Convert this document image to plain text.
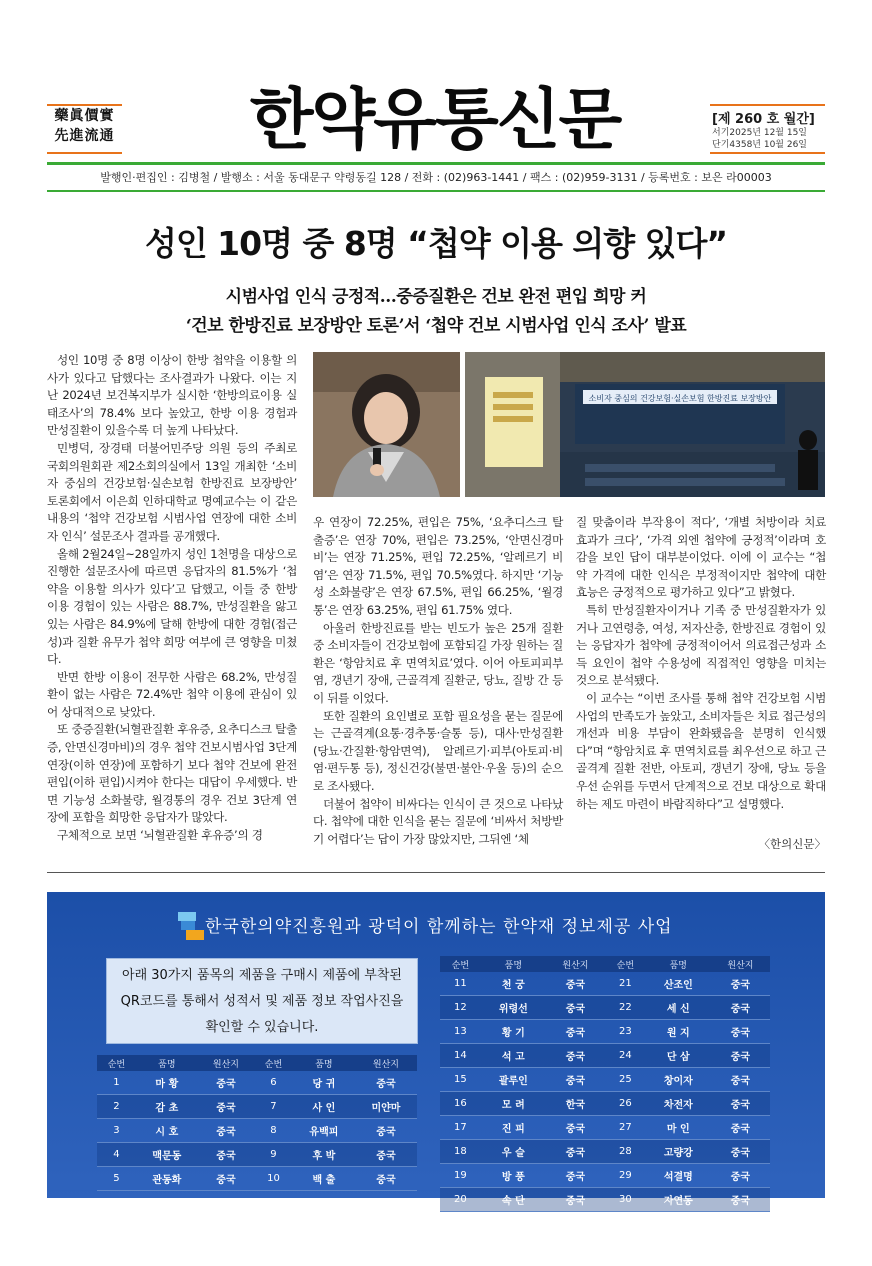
藥眞價實
先進流通	한약유통신문	[제 260 호 월간]
서기2025년 12월 15일
단기4358년 10월 26일
발행인·편집인 : 김병철 / 발행소 : 서울 동대문구 약령동길 128 / 전화 : (02)963-1441 / 팩스 : (02)959-3131 / 등록번호 : 보은 라00003
성인 10명 중 8명 “첩약 이용 의향 있다”
시범사업 인식 긍정적…중증질환은 건보 완전 편입 희망 커
‘건보 한방진료 보장방안 토론’서 ‘첩약 건보 시범사업 인식 조사’ 발표

성인 10명 중 8명 이상이 한방 첩약을 이용할 의사가 있다고 답했다는 조사결과가 나왔다. 이는 지난 2024년 보건복지부가 실시한 ‘한방의료이용 실태조사’의 78.4% 보다 높았고, 한방 이용 경험과 만성질환이 있을수록 더 높게 나타났다.

민병덕, 장경태 더불어민주당 의원 등의 주최로 국회의원회관 제2소회의실에서 13일 개최한 ‘소비자 중심의 건강보험·실손보험 한방진료 보장방안’ 토론회에서 이은희 인하대학교 명예교수는 이 같은 내용의 ‘첩약 건강보험 시범사업 연장에 대한 소비자 인식’ 설문조사 결과를 공개했다.

올해 2월24일~28일까지 성인 1천명을 대상으로 진행한 설문조사에 따르면 응답자의 81.5%가 ‘첩약을 이용할 의사가 있다’고 답했고, 이들 중 한방 이용 경험이 있는 사람은 88.7%, 만성질환을 앓고 있는 사람은 84.9%에 달해 한방에 대한 경험(접근성)과 질환 유무가 첩약 희망 여부에 큰 영향을 미쳤다.

반면 한방 이용이 전무한 사람은 68.2%, 만성질환이 없는 사람은 72.4%만 첩약 이용에 관심이 있어 상대적으로 낮았다.

또 중증질환(뇌혈관질환 후유증, 요추디스크 탈출증, 안면신경마비)의 경우 첩약 건보시범사업 3단계 연장(이하 연장)에 포함하기 보다 첩약 건보에 완전 편입(이하 편입)시켜야 한다는 대답이 우세했다. 반면 기능성 소화불량, 월경통의 경우 건보 3단계 연장에 포함을 희망한 응답자가 많았다.

구체적으로 보면 ‘뇌혈관질환 후유증’의 경

소비자 중심의 건강보험·실손보험 한방진료 보장방안

우 연장이 72.25%, 편입은 75%, ‘요추디스크 탈출증’은 연장 70%, 편입은 73.25%, ‘안면신경마비’는 연장 71.25%, 편입 72.25%, ‘알레르기 비염’은 연장 71.5%, 편입 70.5%였다. 하지만 ‘기능성 소화불량’은 연장 67.5%, 편입 66.25%, ‘월경통’은 연장 63.25%, 편입 61.75% 였다.

아울러 한방진료를 받는 빈도가 높은 25개 질환 중 소비자들이 건강보험에 포함되길 가장 원하는 질환은 ‘항암치료 후 면역치료’였다. 이어 아토피피부염, 갱년기 장애, 근골격계 질환군, 당뇨, 질방 간 등이 뒤를 이었다.

또한 질환의 요인별로 포함 필요성을 묻는 질문에는 근골격계(요통·경추통·슬통 등), 대사·만성질환(당뇨·간질환·항암면역), 알레르기·피부(아토피·비염·편두통 등), 정신건강(불면·불안·우울 등)의 순으로 조사됐다.

더불어 첩약이 비싸다는 인식이 큰 것으로 나타났다. 첩약에 대한 인식을 묻는 질문에 ‘비싸서 처방받기 어렵다’는 답이 가장 많았지만, 그뒤엔 ‘체

질 맞춤이라 부작용이 적다’, ‘개별 처방이라 치료 효과가 크다’, ‘가격 외엔 첩약에 긍정적’이라며 호감을 보인 답이 대부분이었다. 이에 이 교수는 “첩약 가격에 대한 인식은 부정적이지만 첩약에 대한 효능은 긍정적으로 평가하고 있다”고 밝혔다.

특히 만성질환자이거나 기족 중 만성질환자가 있거나 고연령층, 여성, 저자산층, 한방진료 경험이 있는 응답자가 첩약에 긍정적이어서 의료접근성과 소득 요인이 첩약 수용성에 직접적인 영향을 미치는 것으로 분석됐다.

이 교수는 “이번 조사를 통해 첩약 건강보험 시범사업의 만족도가 높았고, 소비자들은 치료 접근성의 개선과 비용 부담이 완화됐음을 분명히 인식했다”며 “항암치료 후 면역치료를 최우선으로 하고 근골격계 질환 전반, 아토피, 갱년기 장애, 당뇨 등을 우선 순위를 두면서 단계적으로 건보 대상으로 확대하는 제도 마련이 바람직하다”고 설명했다.

〈한의신문〉
한국한의약진흥원과 광덕이 함께하는 한약재 정보제공 사업
아래 30가지 품목의 제품을 구매시 제품에 부착된
QR코드를 통해서 성적서 및 제품 정보 작업사진을
확인할 수 있습니다.
순번	품명	원산지	순번	품명	원산지
1	마 황	중국	6	당 귀	중국
2	감 초	중국	7	사 인	미얀마
3	시 호	중국	8	유백피	중국
4	맥문동	중국	9	후 박	중국
5	관동화	중국	10	백 출	중국
순번	품명	원산지	순번	품명	원산지
11	천 궁	중국	21	산조인	중국
12	위령선	중국	22	세 신	중국
13	황 기	중국	23	원 지	중국
14	석 고	중국	24	단 삼	중국
15	괄루인	중국	25	창이자	중국
16	모 려	한국	26	차전자	중국
17	진 피	중국	27	마 인	중국
18	우 슬	중국	28	고량강	중국
19	방 풍	중국	29	석결명	중국
20	속 단	중국	30	자연동	중국
